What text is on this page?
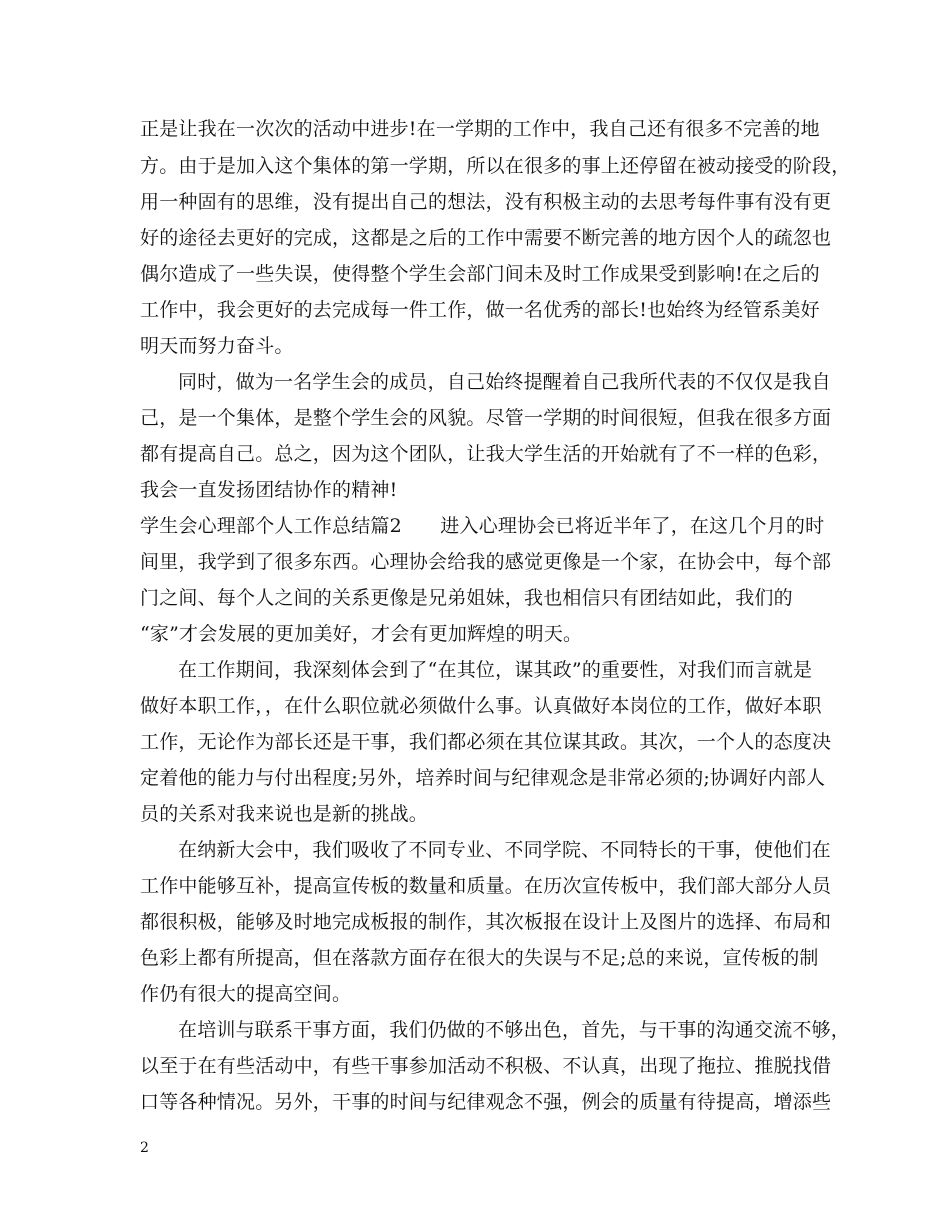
正是让我在一次次的活动中进步!在一学期的工作中，我自己还有很多不完善的地
方。由于是加入这个集体的第一学期，所以在很多的事上还停留在被动接受的阶段，
用一种固有的思维，没有提出自己的想法，没有积极主动的去思考每件事有没有更
好的途径去更好的完成，这都是之后的工作中需要不断完善的地方因个人的疏忽也
偶尔造成了一些失误，使得整个学生会部门间未及时工作成果受到影响!在之后的
工作中，我会更好的去完成每一件工作，做一名优秀的部长!也始终为经管系美好
明天而努力奋斗。
同时，做为一名学生会的成员，自己始终提醒着自己我所代表的不仅仅是我自
己，是一个集体，是整个学生会的风貌。尽管一学期的时间很短，但我在很多方面
都有提高自己。总之，因为这个团队，让我大学生活的开始就有了不一样的色彩，
我会一直发扬团结协作的精神!
学生会心理部个人工作总结篇2　　进入心理协会已将近半年了，在这几个月的时
间里，我学到了很多东西。心理协会给我的感觉更像是一个家，在协会中，每个部
门之间、每个人之间的关系更像是兄弟姐妹，我也相信只有团结如此，我们的
“家”才会发展的更加美好，才会有更加辉煌的明天。
在工作期间，我深刻体会到了“在其位，谋其政”的重要性，对我们而言就是
做好本职工作，，在什么职位就必须做什么事。认真做好本岗位的工作，做好本职
工作，无论作为部长还是干事，我们都必须在其位谋其政。其次，一个人的态度决
定着他的能力与付出程度;另外，培养时间与纪律观念是非常必须的;协调好内部人
员的关系对我来说也是新的挑战。
在纳新大会中，我们吸收了不同专业、不同学院、不同特长的干事，使他们在
工作中能够互补，提高宣传板的数量和质量。在历次宣传板中，我们部大部分人员
都很积极，能够及时地完成板报的制作，其次板报在设计上及图片的选择、布局和
色彩上都有所提高，但在落款方面存在很大的失误与不足;总的来说，宣传板的制
作仍有很大的提高空间。
在培训与联系干事方面，我们仍做的不够出色，首先，与干事的沟通交流不够，
以至于在有些活动中，有些干事参加活动不积极、不认真，出现了拖拉、推脱找借
口等各种情况。另外，干事的时间与纪律观念不强，例会的质量有待提高，增添些
2
